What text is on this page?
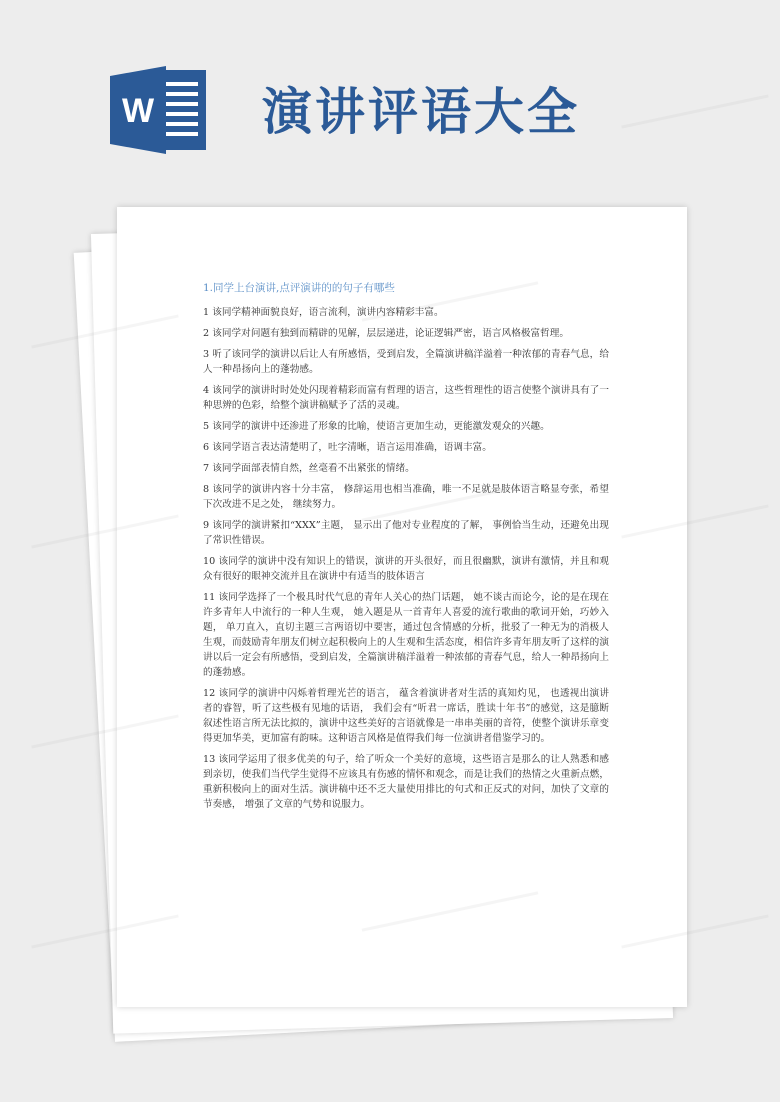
W 演讲评语大全

1.同学上台演讲,点评演讲的的句子有哪些

1 该同学精神面貌良好，语言流利，演讲内容精彩丰富。

2 该同学对问题有独到而精辟的见解，层层递进，论证逻辑严密，语言风格极富哲理。

3 听了该同学的演讲以后让人有所感悟，受到启发，全篇演讲稿洋溢着一种浓郁的青春气息，给人一种昂扬向上的蓬勃感。

4 该同学的演讲时时处处闪现着精彩而富有哲理的语言，这些哲理性的语言使整个演讲具有了一种思辨的色彩，给整个演讲稿赋予了活的灵魂。

5 该同学的演讲中还渗进了形象的比喻，使语言更加生动，更能激发观众的兴趣。

6 该同学语言表达清楚明了，吐字清晰，语言运用准确，语调丰富。

7 该同学面部表情自然，丝毫看不出紧张的情绪。

8 该同学的演讲内容十分丰富， 修辞运用也相当准确，唯一不足就是肢体语言略显夸张，希望下次改进不足之处， 继续努力。

9 该同学的演讲紧扣“XXX”主题， 显示出了他对专业程度的了解， 事例恰当生动，还避免出现了常识性错误。

10 该同学的演讲中没有知识上的错误，演讲的开头很好，而且很幽默，演讲有激情，并且和观众有很好的眼神交流并且在演讲中有适当的肢体语言

11 该同学选择了一个极具时代气息的青年人关心的热门话题， 她不谈古而论今，论的是在现在许多青年人中流行的一种人生观， 她入题是从一首青年人喜爱的流行歌曲的歌词开始，巧妙入题， 单刀直入，直切主题三言两语切中要害，通过包含情感的分析，批驳了一种无为的消极人生观，而鼓励青年朋友们树立起积极向上的人生观和生活态度，相信许多青年朋友听了这样的演讲以后一定会有所感悟，受到启发，全篇演讲稿洋溢着一种浓郁的青春气息，给人一种昂扬向上的蓬勃感。

12 该同学的演讲中闪烁着哲理光芒的语言， 蕴含着演讲者对生活的真知灼见， 也透视出演讲者的睿智，听了这些极有见地的话语， 我们会有“听君一席话，胜读十年书”的感觉，这是臆断叙述性语言所无法比拟的，演讲中这些美好的言语就像是一串串美丽的音符，使整个演讲乐章变得更加华美，更加富有韵味。这种语言风格是值得我们每一位演讲者借鉴学习的。

13 该同学运用了很多优美的句子，给了听众一个美好的意境，这些语言是那么的让人熟悉和感到亲切，使我们当代学生觉得不应该具有伤感的情怀和观念，而是让我们的热情之火重新点燃，重新积极向上的面对生活。演讲稿中还不乏大量使用排比的句式和正反式的对问，加快了文章的节奏感， 增强了文章的气势和说服力。
